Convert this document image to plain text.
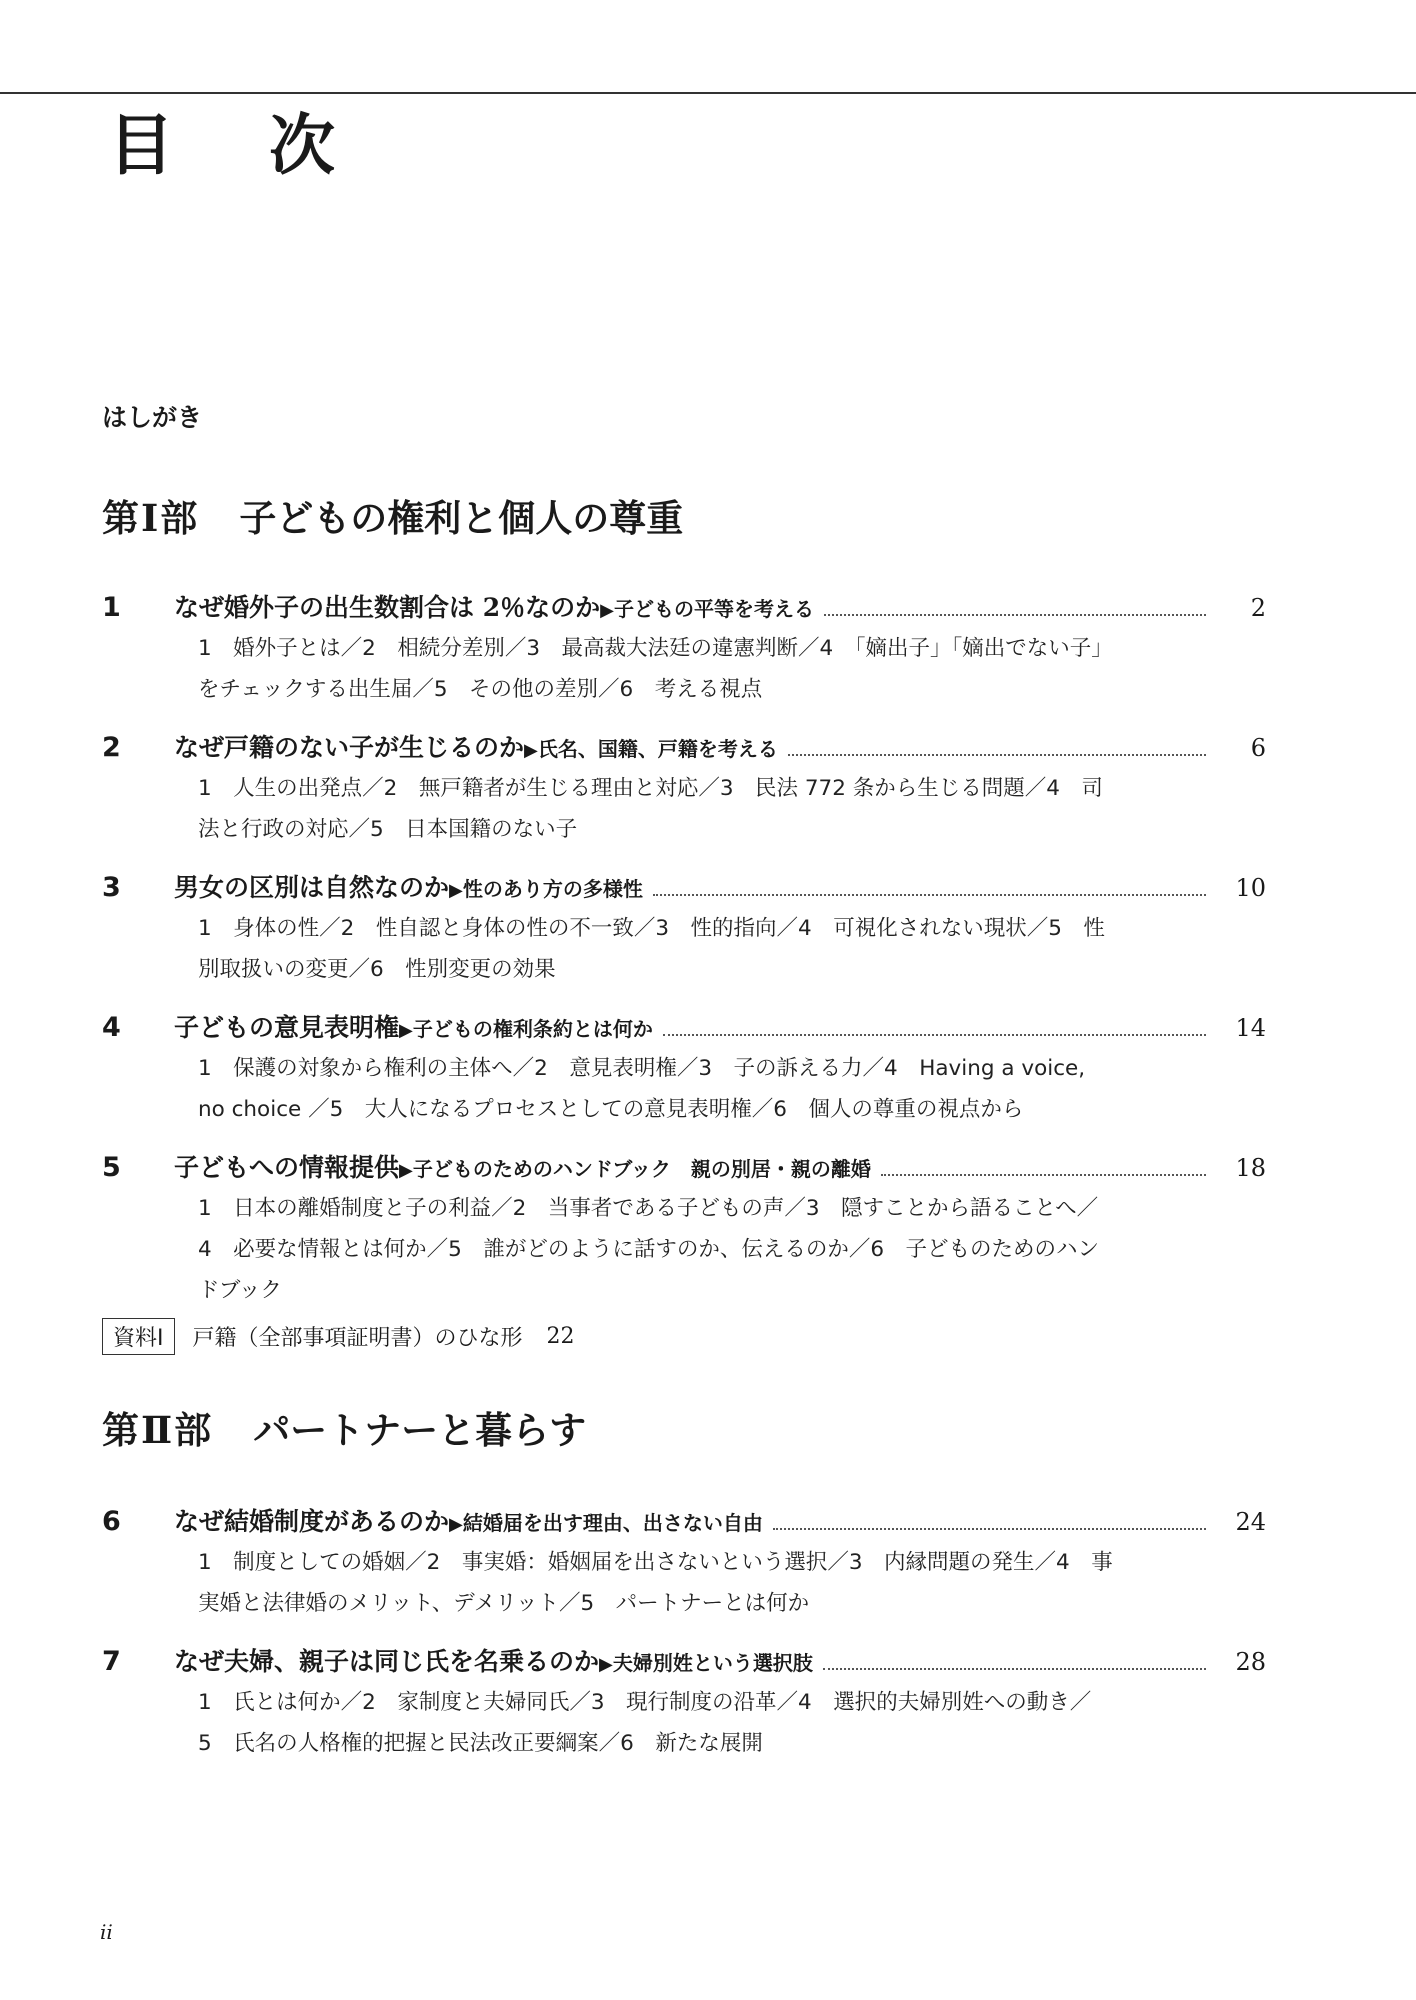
目 次
はしがき
第Ⅰ部 子どもの権利と個人の尊重
1	なぜ婚外子の出生数割合は 2％なのか ▶子どもの平等を考える	2

1　婚外子とは／2　相続分差別／3　最高裁大法廷の違憲判断／4　「嫡出子」「嫡出でない子」

をチェックする出生届／5　その他の差別／6　考える視点

2	なぜ戸籍のない子が生じるのか ▶氏名、国籍、戸籍を考える	6

1　人生の出発点／2　無戸籍者が生じる理由と対応／3　民法 772 条から生じる問題／4　司

法と行政の対応／5　日本国籍のない子

3	男女の区別は自然なのか ▶性のあり方の多様性	10

1　身体の性／2　性自認と身体の性の不一致／3　性的指向／4　可視化されない現状／5　性

別取扱いの変更／6　性別変更の効果

4	子どもの意見表明権 ▶子どもの権利条約とは何か	14

1　保護の対象から権利の主体へ／2　意見表明権／3　子の訴える力／4　Having a voice,

no choice ／5　大人になるプロセスとしての意見表明権／6　個人の尊重の視点から

5	子どもへの情報提供 ▶子どものためのハンドブック　親の別居・親の離婚	18

1　日本の離婚制度と子の利益／2　当事者である子どもの声／3　隠すことから語ることへ／

4　必要な情報とは何か／5　誰がどのように話すのか、伝えるのか／6　子どものためのハン

ドブック

資料Ⅰ	戸籍（全部事項証明書）のひな形 22
第Ⅱ部 パートナーと暮らす
6	なぜ結婚制度があるのか ▶結婚届を出す理由、出さない自由	24

1　制度としての婚姻／2　事実婚：婚姻届を出さないという選択／3　内縁問題の発生／4　事

実婚と法律婚のメリット、デメリット／5　パートナーとは何か

7	なぜ夫婦、親子は同じ氏を名乗るのか ▶夫婦別姓という選択肢	28

1　氏とは何か／2　家制度と夫婦同氏／3　現行制度の沿革／4　選択的夫婦別姓への動き／

5　氏名の人格権的把握と民法改正要綱案／6　新たな展開

ii
